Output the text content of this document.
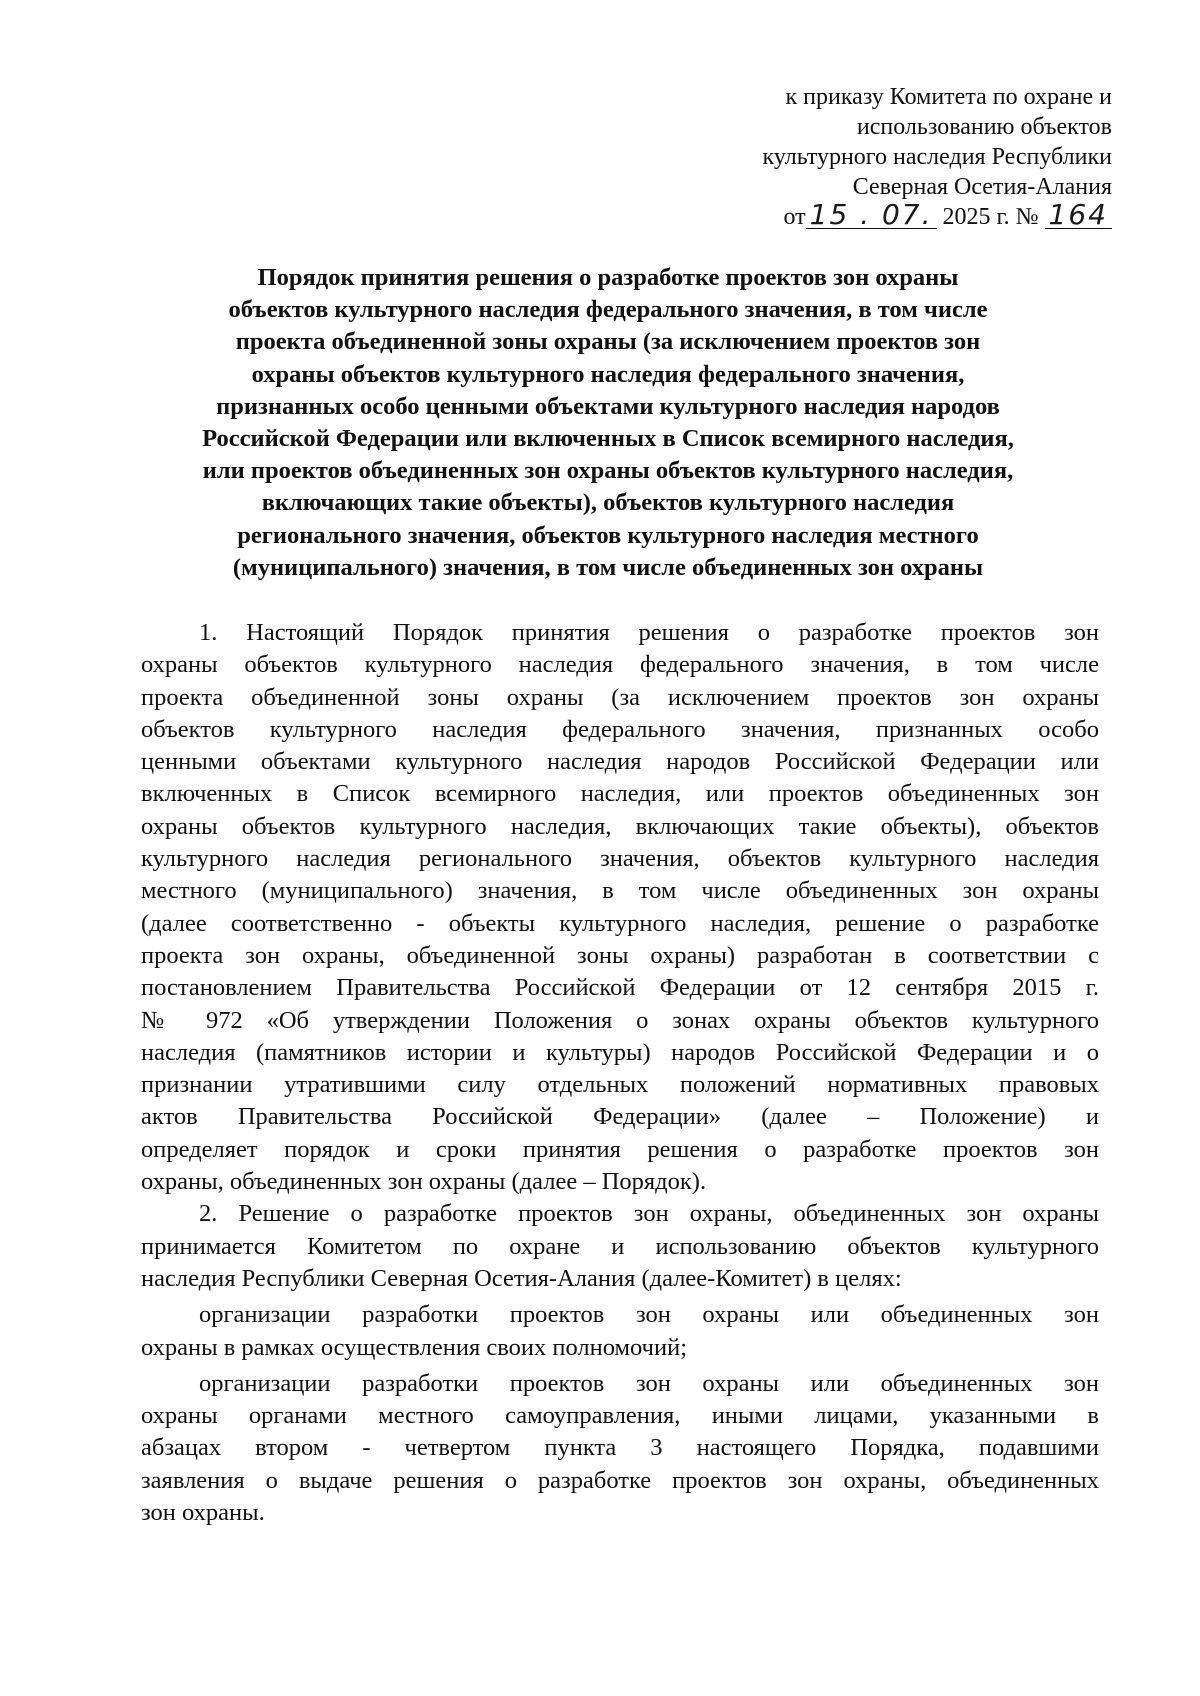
к приказу Комитета по охране и
использованию объектов
культурного наследия Республики
Северная Осетия-Алания
от 15 . 07. 2025 г. № 164
Порядок принятия решения о разработке проектов зон охраны
объектов культурного наследия федерального значения, в том числе
проекта объединенной зоны охраны (за исключением проектов зон
охраны объектов культурного наследия федерального значения,
признанных особо ценными объектами культурного наследия народов
Российской Федерации или включенных в Список всемирного наследия,
или проектов объединенных зон охраны объектов культурного наследия,
включающих такие объекты), объектов культурного наследия
регионального значения, объектов культурного наследия местного
(муниципального) значения, в том числе объединенных зон охраны
1. Настоящий Порядок принятия решения о разработке проектов зон
охраны объектов культурного наследия федерального значения, в том числе
проекта объединенной зоны охраны (за исключением проектов зон охраны
объектов культурного наследия федерального значения, признанных особо
ценными объектами культурного наследия народов Российской Федерации или
включенных в Список всемирного наследия, или проектов объединенных зон
охраны объектов культурного наследия, включающих такие объекты), объектов
культурного наследия регионального значения, объектов культурного наследия
местного (муниципального) значения, в том числе объединенных зон охраны
(далее соответственно - объекты культурного наследия, решение о разработке
проекта зон охраны, объединенной зоны охраны) разработан в соответствии с
постановлением Правительства Российской Федерации от 12 сентября 2015 г.
№ 972 «Об утверждении Положения о зонах охраны объектов культурного
наследия (памятников истории и культуры) народов Российской Федерации и о
признании утратившими силу отдельных положений нормативных правовых
актов Правительства Российской Федерации» (далее – Положение) и
определяет порядок и сроки принятия решения о разработке проектов зон
охраны, объединенных зон охраны (далее – Порядок).
2. Решение о разработке проектов зон охраны, объединенных зон охраны
принимается Комитетом по охране и использованию объектов культурного
наследия Республики Северная Осетия-Алания (далее-Комитет) в целях:
организации разработки проектов зон охраны или объединенных зон
охраны в рамках осуществления своих полномочий;
организации разработки проектов зон охраны или объединенных зон
охраны органами местного самоуправления, иными лицами, указанными в
абзацах втором - четвертом пункта 3 настоящего Порядка, подавшими
заявления о выдаче решения о разработке проектов зон охраны, объединенных
зон охраны.
